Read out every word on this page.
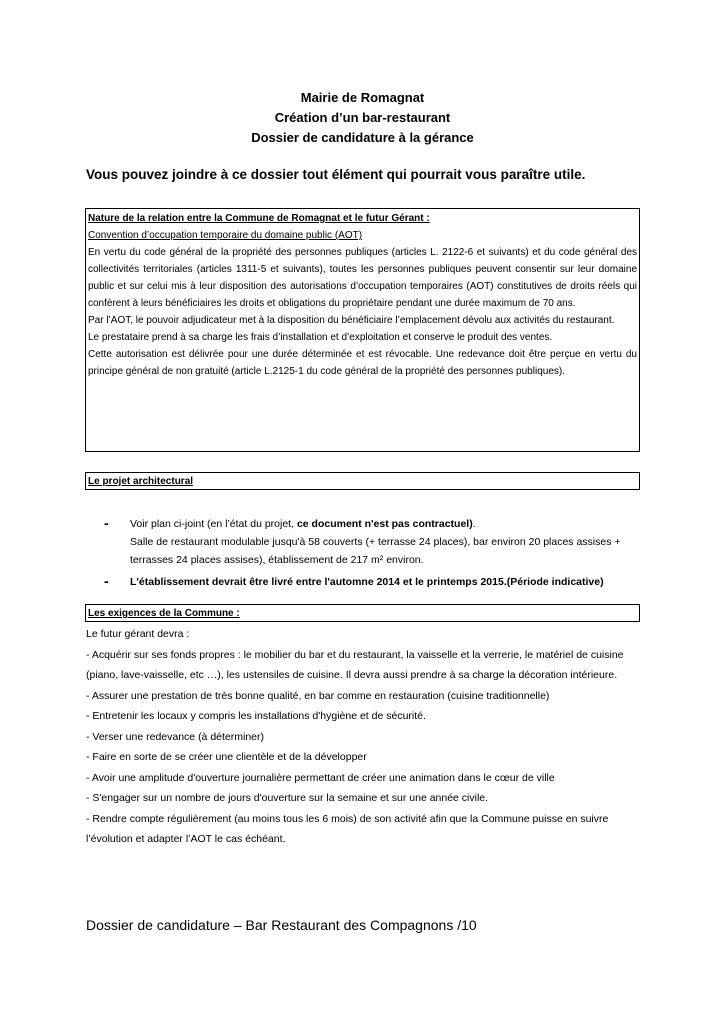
Mairie de Romagnat
Création d’un bar-restaurant
Dossier de candidature à la gérance
Vous pouvez joindre à ce dossier tout élément qui pourrait vous paraître utile.
Nature de la relation entre la Commune de Romagnat et le futur Gérant :
Convention d’occupation temporaire du domaine public (AOT)

En vertu du code général de la propriété des personnes publiques (articles L. 2122-6 et suivants) et du code général des collectivités territoriales (articles 1311-5 et suivants), toutes les personnes publiques peuvent consentir sur leur domaine public et sur celui mis à leur disposition des autorisations d’occupation temporaires (AOT) constitutives de droits réels qui confèrent à leurs bénéficiaires les droits et obligations du propriétaire pendant une durée maximum de 70 ans.

Par l’AOT, le pouvoir adjudicateur met à la disposition du bénéficiaire l’emplacement dévolu aux activités du restaurant.

Le prestataire prend à sa charge les frais d’installation et d’exploitation et conserve le produit des ventes.

Cette autorisation est délivrée pour une durée déterminée et est révocable. Une redevance doit être perçue en vertu du principe général de non gratuité (article L.2125-1 du code général de la propriété des personnes publiques).

Le projet architectural
- Voir plan ci-joint (en l’état du projet, ce document n'est pas contractuel).
Salle de restaurant modulable jusqu'à 58 couverts (+ terrasse 24 places), bar environ 20 places assises + terrasses 24 places assises), établissement de 217 m² environ.
- L'établissement devrait être livré entre l'automne 2014 et le printemps 2015.(Période indicative)
Les exigences de la Commune :

Le futur gérant devra :

- Acquérir sur ses fonds propres : le mobilier du bar et du restaurant, la vaisselle et la verrerie, le matériel de cuisine (piano, lave-vaisselle, etc …), les ustensiles de cuisine. Il devra aussi prendre à sa charge la décoration intérieure.

- Assurer une prestation de très bonne qualité, en bar comme en restauration (cuisine traditionnelle)

- Entretenir les locaux y compris les installations d'hygiène et de sécurité.

- Verser une redevance (à déterminer)

- Faire en sorte de se créer une clientèle et de la développer

- Avoir une amplitude d'ouverture journalière permettant de créer une animation dans le cœur de ville

- S'engager sur un nombre de jours d'ouverture sur la semaine et sur une année civile.

- Rendre compte régulièrement (au moins tous les 6 mois) de son activité afin que la Commune puisse en suivre l’évolution et adapter l’AOT le cas échéant.

Dossier de candidature – Bar Restaurant des Compagnons /10
